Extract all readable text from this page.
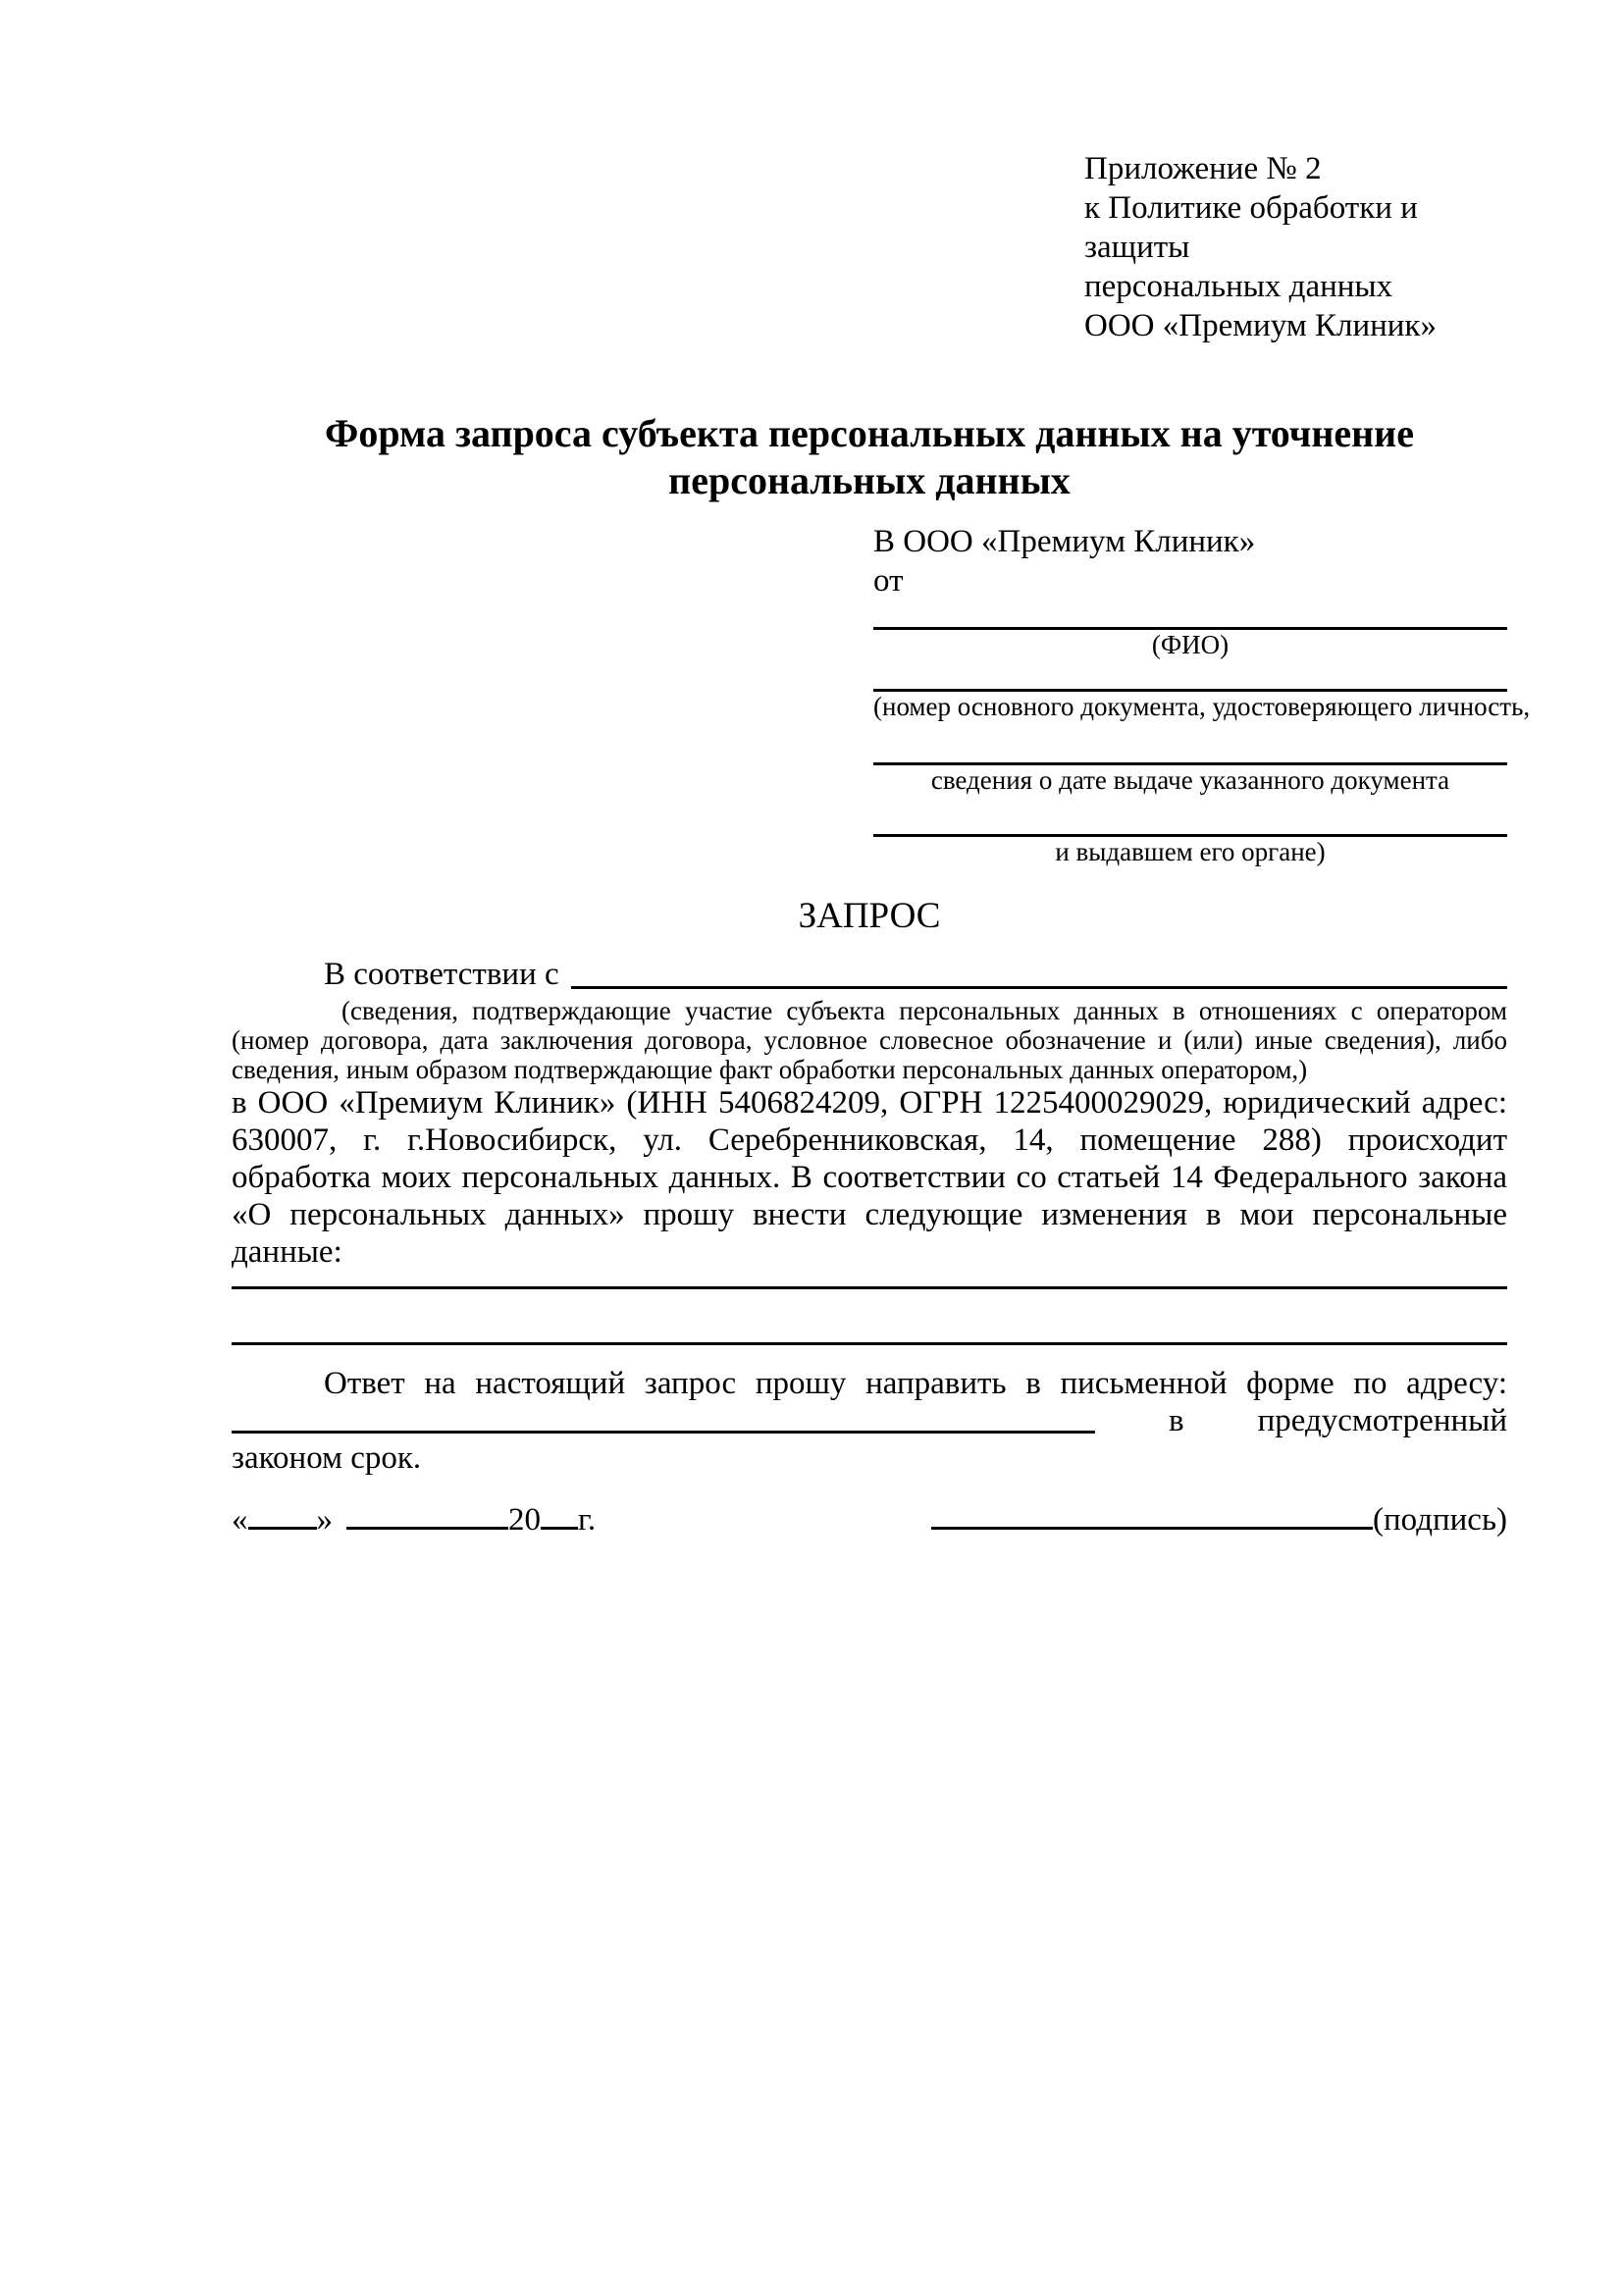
Приложение № 2
к Политике обработки и защиты
персональных данных
ООО «Премиум Клиник»
Форма запроса субъекта персональных данных на уточнение персональных данных
В ООО «Премиум Клиник»
от
(ФИО)
(номер основного документа, удостоверяющего личность,
сведения о дате выдаче указанного документа
и выдавшем его органе)
ЗАПРОС
В соответствии с
(сведения, подтверждающие участие субъекта персональных данных в отношениях с оператором (номер договора, дата заключения договора, условное словесное обозначение и (или) иные сведения), либо сведения, иным образом подтверждающие факт обработки персональных данных оператором,)
в ООО «Премиум Клиник» (ИНН 5406824209, ОГРН 1225400029029, юридический адрес: 630007, г. г.Новосибирск, ул. Серебренниковская, 14, помещение 288) происходит обработка моих персональных данных. В соответствии со статьей 14 Федерального закона «О персональных данных» прошу внести следующие изменения в мои персональные данные:
Ответ на настоящий запрос прошу направить в письменной форме по адресу:
в предусмотренный
законом срок.
« »	20 г.	(подпись)
